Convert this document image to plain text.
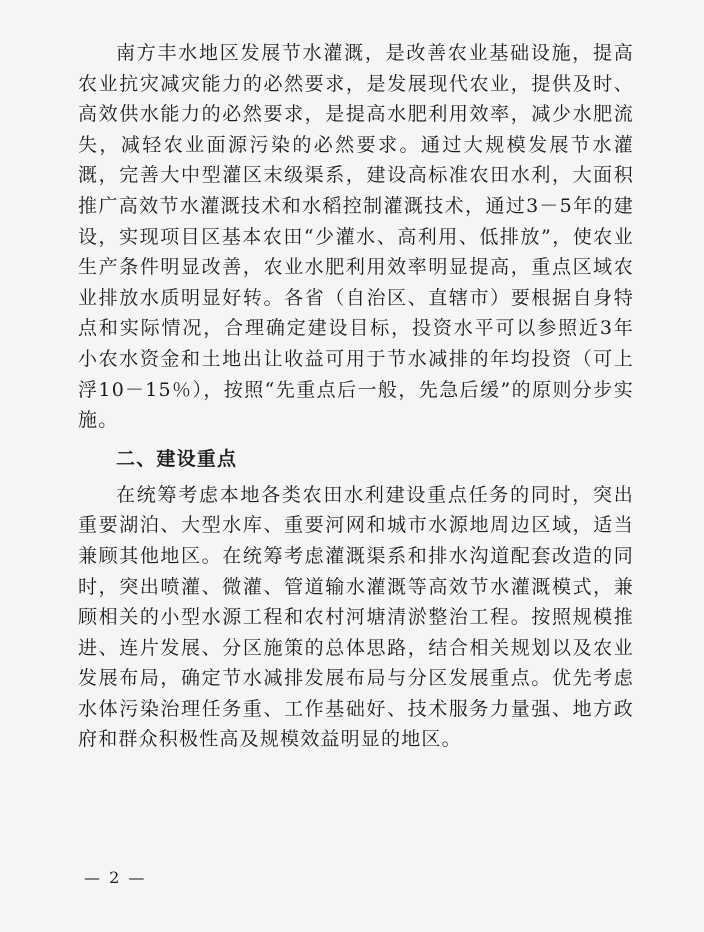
南方丰水地区发展节水灌溉，是改善农业基础设施，提高农业抗灾减灾能力的必然要求，是发展现代农业，提供及时、高效供水能力的必然要求，是提高水肥利用效率，减少水肥流失，减轻农业面源污染的必然要求。通过大规模发展节水灌溉，完善大中型灌区末级渠系，建设高标准农田水利，大面积推广高效节水灌溉技术和水稻控制灌溉技术，通过3－5年的建设，实现项目区基本农田“少灌水、高利用、低排放”，使农业生产条件明显改善，农业水肥利用效率明显提高，重点区域农业排放水质明显好转。各省（自治区、直辖市）要根据自身特点和实际情况，合理确定建设目标，投资水平可以参照近3年小农水资金和土地出让收益可用于节水减排的年均投资（可上浮10－15％），按照“先重点后一般，先急后缓”的原则分步实施。

二、建设重点

在统筹考虑本地各类农田水利建设重点任务的同时，突出重要湖泊、大型水库、重要河网和城市水源地周边区域，适当兼顾其他地区。在统筹考虑灌溉渠系和排水沟道配套改造的同时，突出喷灌、微灌、管道输水灌溉等高效节水灌溉模式，兼顾相关的小型水源工程和农村河塘清淤整治工程。按照规模推进、连片发展、分区施策的总体思路，结合相关规划以及农业发展布局，确定节水减排发展布局与分区发展重点。优先考虑水体污染治理任务重、工作基础好、技术服务力量强、地方政府和群众积极性高及规模效益明显的地区。

— 2 —
